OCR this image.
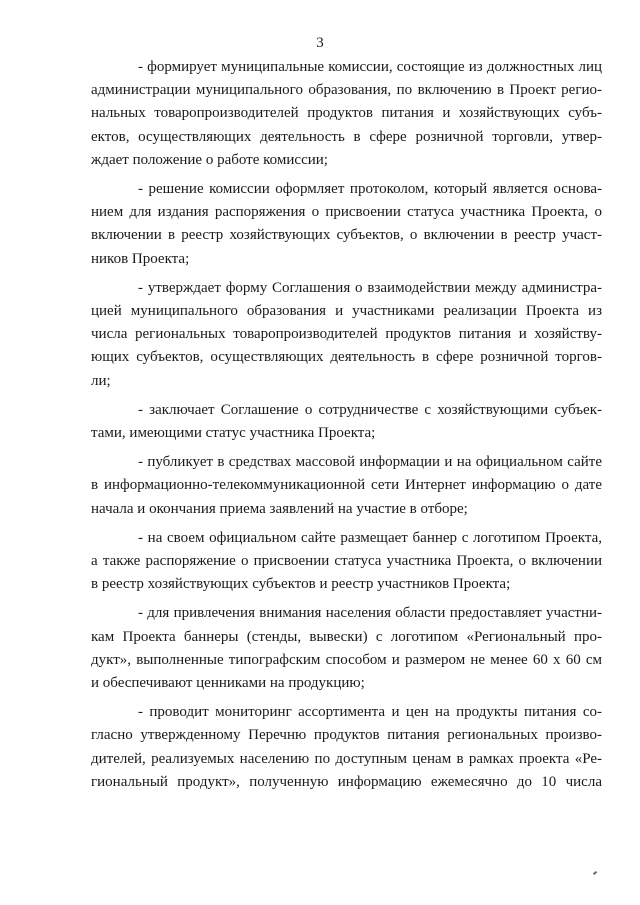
3

- формирует муниципальные комиссии, состоящие из должностных лиц
администрации муниципального образования, по включению в Проект регио-
нальных товаропроизводителей продуктов питания и хозяйствующих субъ-
ектов, осуществляющих деятельность в сфере розничной торговли, утвер-
ждает положение о работе комиссии;

- решение комиссии оформляет протоколом, который является основа-
нием для издания распоряжения о присвоении статуса участника Проекта, о
включении в реестр хозяйствующих субъектов, о включении в реестр участ-
ников Проекта;

- утверждает форму Соглашения о взаимодействии между администра-
цией муниципального образования и участниками реализации Проекта из
числа региональных товаропроизводителей продуктов питания и хозяйству-
ющих субъектов, осуществляющих деятельность в сфере розничной торгов-
ли;

- заключает Соглашение о сотрудничестве с хозяйствующими субъек-
тами, имеющими статус участника Проекта;

- публикует в средствах массовой информации и на официальном сайте
в информационно-телекоммуникационной сети Интернет информацию о дате
начала и окончания приема заявлений на участие в отборе;

- на своем официальном сайте размещает баннер с логотипом Проекта,
а также распоряжение о присвоении статуса участника Проекта, о включении
в реестр хозяйствующих субъектов и реестр участников Проекта;

- для привлечения внимания населения области предоставляет участни-
кам Проекта баннеры (стенды, вывески) с логотипом «Региональный про-
дукт», выполненные типографским способом и размером не менее 60 х 60 см
и обеспечивают ценниками на продукцию;

- проводит мониторинг ассортимента и цен на продукты питания со-
гласно утвержденному Перечню продуктов питания региональных произво-
дителей, реализуемых населению по доступным ценам в рамках проекта «Ре-
гиональный продукт», полученную информацию ежемесячно до 10 числа
